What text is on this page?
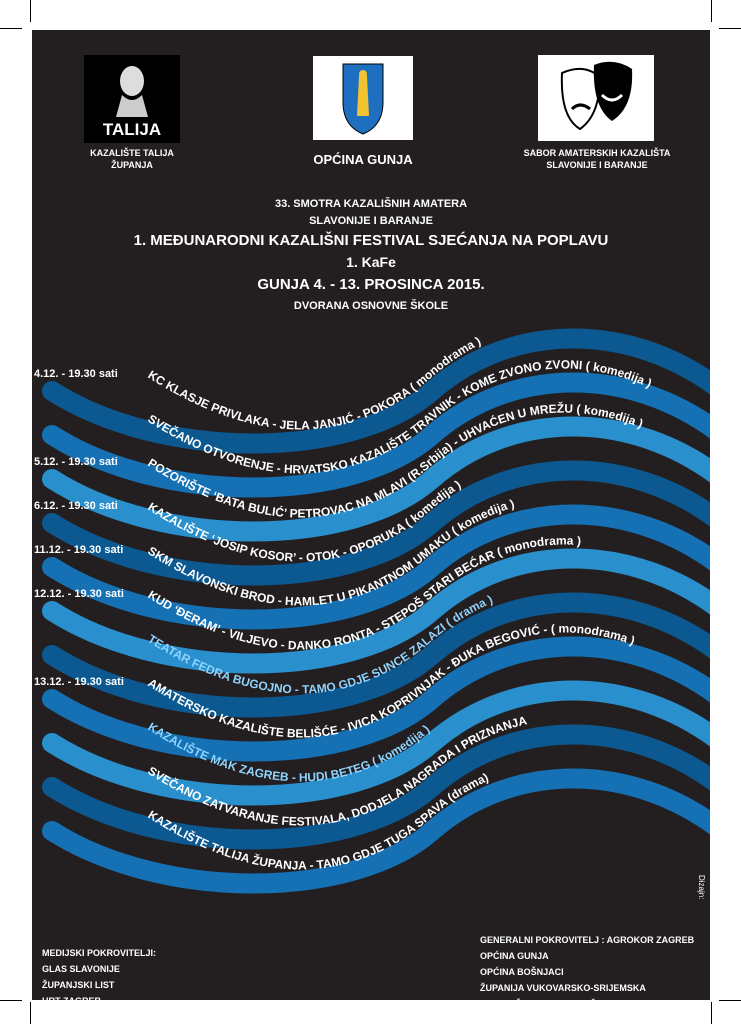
TALIJA
KAZALIŠTE TALIJA
ŽUPANJA	OPĆINA GUNJA	SABOR AMATERSKIH KAZALIŠTA
SLAVONIJE I BARANJE
33. SMOTRA KAZALIŠNIH AMATERA
SLAVONIJE I BARANJE
1. MEĐUNARODNI KAZALIŠNI FESTIVAL SJEĆANJA NA POPLAVU
1. KaFe
GUNJA 4. - 13. PROSINCA 2015.
DVORANA OSNOVNE ŠKOLE
KC KLASJE PRIVLAKA - JELA JANJIĆ - POKORA ( monodrama )
SVEČANO OTVORENJE - HRVATSKO KAZALIŠTE TRAVNIK - KOME ZVONO ZVONI ( komedija )
POZORIŠTE ‘BATA BULIĆ’ PETROVAC NA MLAVI (R.Srbija) - UHVAĆEN U MREŽU ( komedija )
KAZALIŠTE ‘JOSIP KOSOR’ - OTOK - OPORUKA ( komedija )
SKM SLAVONSKI BROD - HAMLET U PIKANTNOM UMAKU ( komedija )
KUD ‘ĐERAM’ - VILJEVO - DANKO RONTA - STEPOŠ STARI BEĆAR ( monodrama )
TEATAR FEDRA BUGOJNO - TAMO GDJE SUNCE ZALAZI ( drama )
AMATERSKO KAZALIŠTE BELIŠĆE - IVICA KOPRIVNJAK - ĐUKA BEGOVIĆ - ( monodrama )
KAZALIŠTE MAK ZAGREB - HUDI BETEG ( komedija )
SVEČANO ZATVARANJE FESTIVALA, DODJELA NAGRADA I PRIZNANJA
KAZALIŠTE TALIJA ŽUPANJA - TAMO GDJE TUGA SPAVA (drama)
4.12. - 19.30 sati
5.12. - 19.30 sati
6.12. - 19.30 sati
11.12. - 19.30 sati
12.12. - 19.30 sati
13.12. - 19.30 sati
Dizajn:
MEDIJSKI POKROVITELJI:
GLAS SLAVONIJE
ŽUPANJSKI LIST
HRT ZAGREB
GENERALNI POKROVITELJ : AGROKOR ZAGREB
OPĆINA GUNJA
OPĆINA BOŠNJACI
ŽUPANIJA VUKOVARSKO-SRIJEMSKA
TURISTIČKA ZAJEDNICA ŽUPANJA
